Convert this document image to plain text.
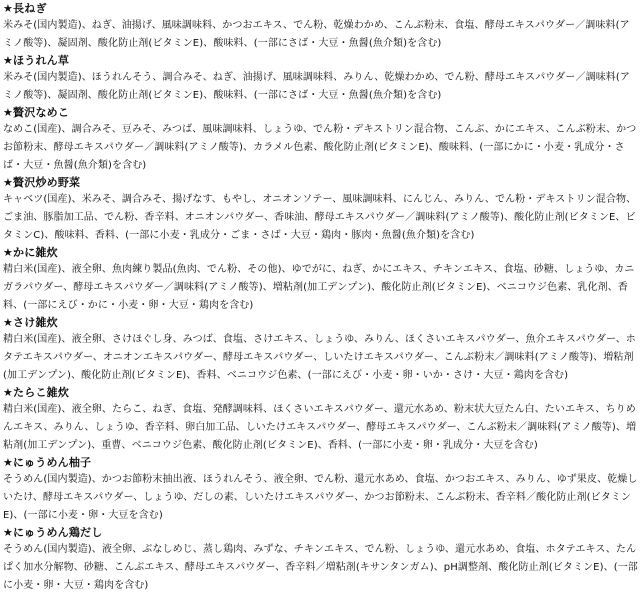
★長ねぎ
米みそ(国内製造)、ねぎ、油揚げ、風味調味料、かつおエキス、でん粉、乾燥わかめ、こんぶ粉末、食塩、酵母エキスパウダー／調味料(アミノ酸等)、凝固剤、酸化防止剤(ビタミンE)、酸味料、(一部にさば・大豆・魚醤(魚介類)を含む)
★ほうれん草
米みそ(国内製造)、ほうれんそう、調合みそ、ねぎ、油揚げ、風味調味料、みりん、乾燥わかめ、でん粉、酵母エキスパウダー／調味料(アミノ酸等)、凝固剤、酸化防止剤(ビタミンE)、酸味料、(一部にさば・大豆・魚醤(魚介類)を含む)
★贅沢なめこ
なめこ(国産)、調合みそ、豆みそ、みつば、風味調味料、しょうゆ、でん粉・デキストリン混合物、こんぶ、かにエキス、こんぶ粉末、かつお節粉末、酵母エキスパウダー／調味料(アミノ酸等)、カラメル色素、酸化防止剤(ビタミンE)、酸味料、(一部にかに・小麦・乳成分・さば・大豆・魚醤(魚介類)を含む)
★贅沢炒め野菜
キャベツ(国産)、米みそ、調合みそ、揚げなす、もやし、オニオンソテー、風味調味料、にんじん、みりん、でん粉・デキストリン混合物、ごま油、豚脂加工品、でん粉、香辛料、オニオンパウダー、香味油、酵母エキスパウダー／調味料(アミノ酸等)、酸化防止剤(ビタミンE、ビタミンC)、酸味料、香料、(一部に小麦・乳成分・ごま・さば・大豆・鶏肉・豚肉・魚醤(魚介類)を含む)
★かに雑炊
精白米(国産)、液全卵、魚肉練り製品(魚肉、でん粉、その他)、ゆでがに、ねぎ、かにエキス、チキンエキス、食塩、砂糖、しょうゆ、カニガラパウダー、酵母エキスパウダー／調味料(アミノ酸等)、増粘剤(加工デンプン)、酸化防止剤(ビタミンE)、ベニコウジ色素、乳化剤、香料、(一部にえび・かに・小麦・卵・大豆・鶏肉を含む)
★さけ雑炊
精白米(国産)、液全卵、さけほぐし身、みつば、食塩、さけエキス、しょうゆ、みりん、ほくさいエキスパウダー、魚介エキスパウダー、ホタテエキスパウダー、オニオンエキスパウダー、酵母エキスパウダー、しいたけエキスパウダー、こんぶ粉末／調味料(アミノ酸等)、増粘剤(加工デンプン)、酸化防止剤(ビタミンE)、香料、ベニコウジ色素、(一部にえび・小麦・卵・いか・さけ・大豆・鶏肉を含む)
★たらこ雑炊
精白米(国産)、液全卵、たらこ、ねぎ、食塩、発酵調味料、ほくさいエキスパウダー、還元水あめ、粉末状大豆たん白、たいエキス、ちりめんエキス、みりん、しょうゆ、香辛料、卵白加工品、しいたけエキスパウダー、酵母エキスパウダー、こんぶ粉末／調味料(アミノ酸等)、増粘剤(加工デンプン)、重曹、ベニコウジ色素、酸化防止剤(ビタミンE)、香料、(一部に小麦・卵・乳成分・大豆を含む)
★にゅうめん柚子
そうめん(国内製造)、かつお節粉末抽出液、ほうれんそう、液全卵、でん粉、還元水あめ、食塩、かつおエキス、みりん、ゆず果皮、乾燥しいたけ、酵母エキスパウダー、しょうゆ、だしの素、しいたけエキスパウダー、かつお節粉末、こんぶ粉末、香辛料／酸化防止剤(ビタミンE)、(一部に小麦・卵・大豆を含む)
★にゅうめん鶏だし
そうめん(国内製造)、液全卵、ぶなしめじ、蒸し鶏肉、みずな、チキンエキス、でん粉、しょうゆ、還元水あめ、食塩、ホタテエキス、たんぱく加水分解物、砂糖、こんぶエキス、酵母エキスパウダー、香辛料／増粘剤(キサンタンガム)、pH調整剤、酸化防止剤(ビタミンE)、(一部に小麦・卵・大豆・鶏肉を含む)
